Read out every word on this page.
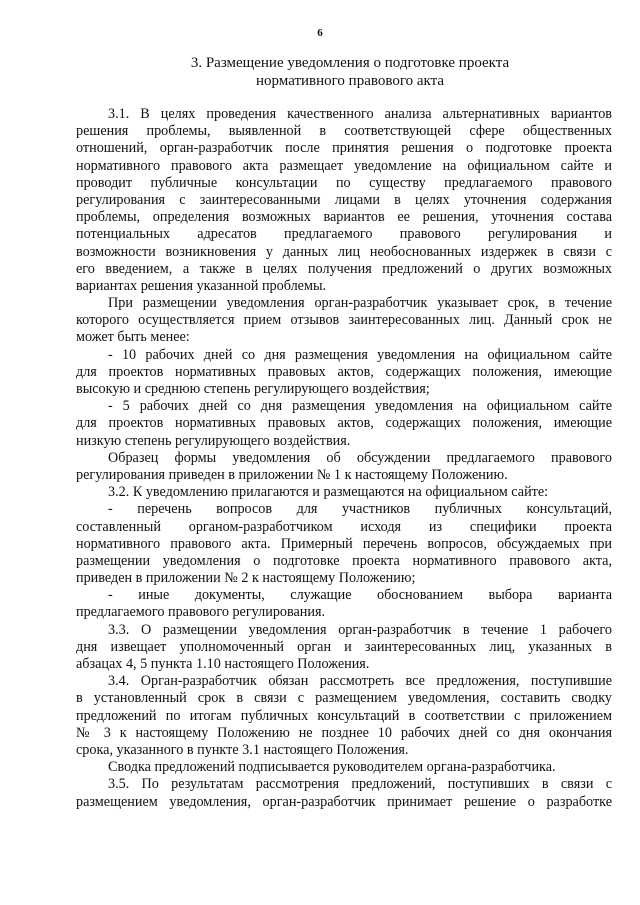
6
3. Размещение уведомления о подготовке проекта
нормативного правового акта
3.1. В целях проведения качественного анализа альтернативных вариантов
решения проблемы, выявленной в соответствующей сфере общественных
отношений, орган-разработчик после принятия решения о подготовке проекта
нормативного правового акта размещает уведомление на официальном сайте и
проводит публичные консультации по существу предлагаемого правового
регулирования с заинтересованными лицами в целях уточнения содержания
проблемы, определения возможных вариантов ее решения, уточнения состава
потенциальных адресатов предлагаемого правового регулирования и
возможности возникновения у данных лиц необоснованных издержек в связи с
его введением, а также в целях получения предложений о других возможных
вариантах решения указанной проблемы.
При размещении уведомления орган-разработчик указывает срок, в течение
которого осуществляется прием отзывов заинтересованных лиц. Данный срок не
может быть менее:
- 10 рабочих дней со дня размещения уведомления на официальном сайте
для проектов нормативных правовых актов, содержащих положения, имеющие
высокую и среднюю степень регулирующего воздействия;
- 5 рабочих дней со дня размещения уведомления на официальном сайте
для проектов нормативных правовых актов, содержащих положения, имеющие
низкую степень регулирующего воздействия.
Образец формы уведомления об обсуждении предлагаемого правового
регулирования приведен в приложении № 1 к настоящему Положению.
3.2. К уведомлению прилагаются и размещаются на официальном сайте:
- перечень вопросов для участников публичных консультаций,
составленный органом-разработчиком исходя из специфики проекта
нормативного правового акта. Примерный перечень вопросов, обсуждаемых при
размещении уведомления о подготовке проекта нормативного правового акта,
приведен в приложении № 2 к настоящему Положению;
- иные документы, служащие обоснованием выбора варианта
предлагаемого правового регулирования.
3.3. О размещении уведомления орган-разработчик в течение 1 рабочего
дня извещает уполномоченный орган и заинтересованных лиц, указанных в
абзацах 4, 5 пункта 1.10 настоящего Положения.
3.4. Орган-разработчик обязан рассмотреть все предложения, поступившие
в установленный срок в связи с размещением уведомления, составить сводку
предложений по итогам публичных консультаций в соответствии с приложением
№ 3 к настоящему Положению не позднее 10 рабочих дней со дня окончания
срока, указанного в пункте 3.1 настоящего Положения.
Сводка предложений подписывается руководителем органа-разработчика.
3.5. По результатам рассмотрения предложений, поступивших в связи с
размещением уведомления, орган-разработчик принимает решение о разработке
